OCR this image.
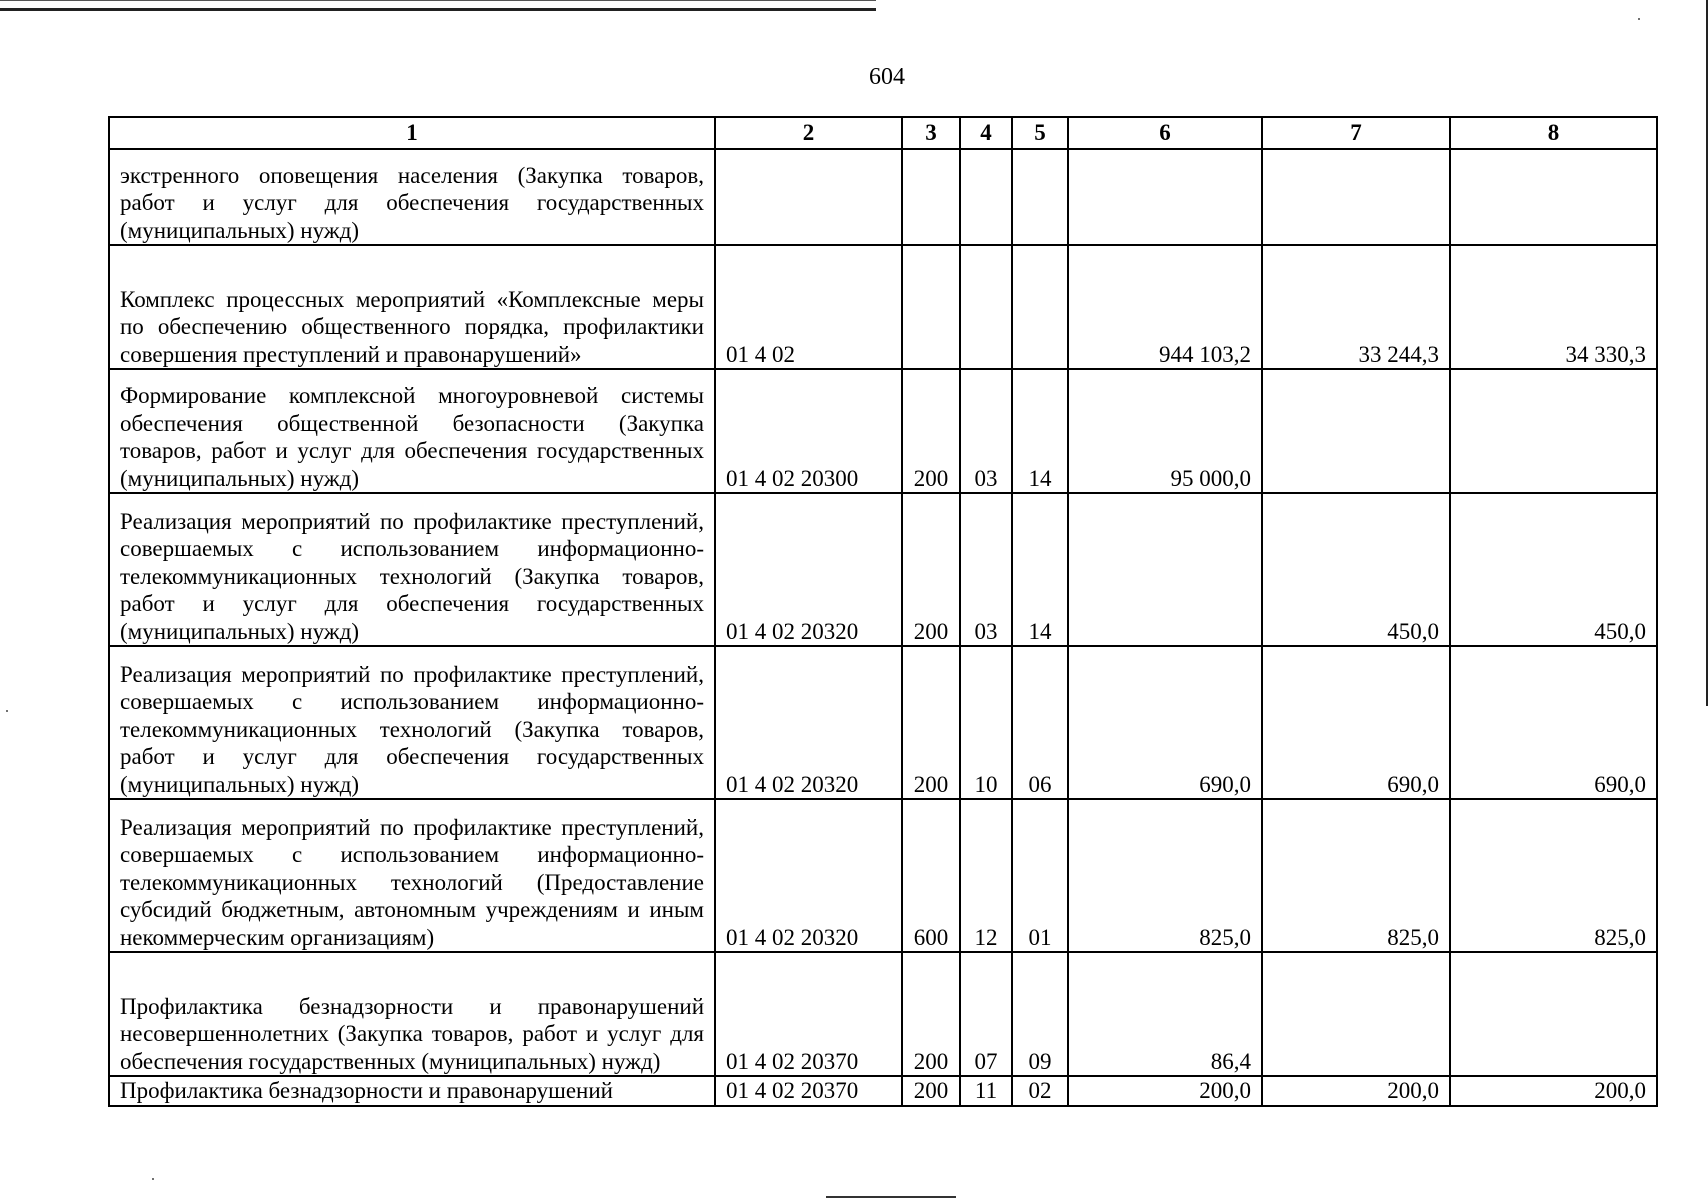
604
1	2	3	4	5	6	7	8
экстренного оповещения населения (Закупка товаров, работ и услуг для обеспечения государственных (муниципальных) нужд)							
Комплекс процессных мероприятий «Комплексные меры по обеспечению общественного порядка, профилактики совершения преступлений и правонарушений»	01 4 02				944 103,2	33 244,3	34 330,3
Формирование комплексной многоуровневой системы обеспечения общественной безопасности (Закупка товаров, работ и услуг для обеспечения государственных (муниципальных) нужд)	01 4 02 20300	200	03	14	95 000,0		
Реализация мероприятий по профилактике преступлений, совершаемых с использованием информационно-телекоммуникационных технологий (Закупка товаров, работ и услуг для обеспечения государственных (муниципальных) нужд)	01 4 02 20320	200	03	14		450,0	450,0
Реализация мероприятий по профилактике преступлений, совершаемых с использованием информационно-телекоммуникационных технологий (Закупка товаров, работ и услуг для обеспечения государственных (муниципальных) нужд)	01 4 02 20320	200	10	06	690,0	690,0	690,0
Реализация мероприятий по профилактике преступлений, совершаемых с использованием информационно-телекоммуникационных технологий (Предоставление субсидий бюджетным, автономным учреждениям и иным некоммерческим организациям)	01 4 02 20320	600	12	01	825,0	825,0	825,0
Профилактика безнадзорности и правонарушений несовершеннолетних (Закупка товаров, работ и услуг для обеспечения государственных (муниципальных) нужд)	01 4 02 20370	200	07	09	86,4		
Профилактика безнадзорности и правонарушений	01 4 02 20370	200	11	02	200,0	200,0	200,0
